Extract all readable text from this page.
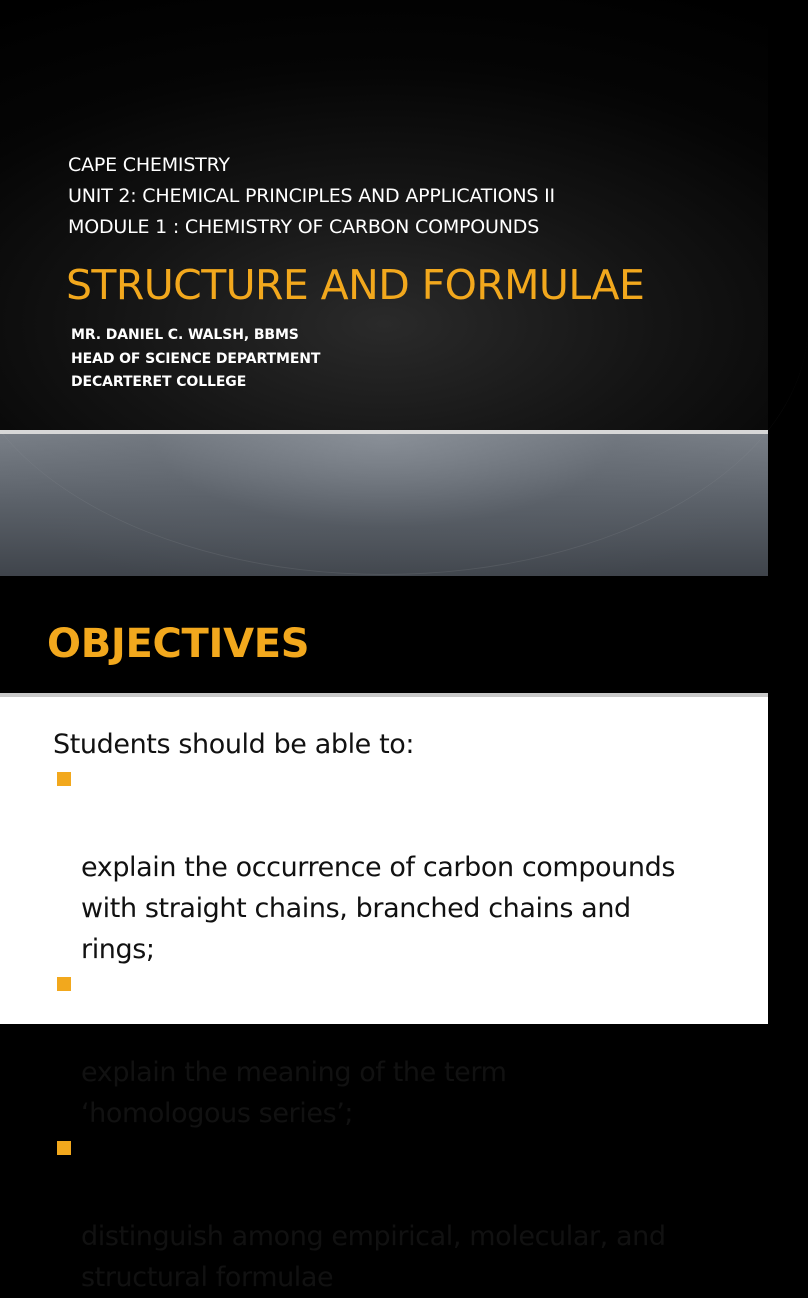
CAPE CHEMISTRY
UNIT 2: CHEMICAL PRINCIPLES AND APPLICATIONS II
MODULE 1 : CHEMISTRY OF CARBON COMPOUNDS
STRUCTURE AND FORMULAE
MR. DANIEL C. WALSH, BBMS
HEAD OF SCIENCE DEPARTMENT
DECARTERET COLLEGE
OBJECTIVES
Students should be able to:

explain the occurrence of carbon compounds
with straight chains, branched chains and
rings;

explain the meaning of the term
‘homologous series’;

distinguish among empirical, molecular, and
structural formulae
